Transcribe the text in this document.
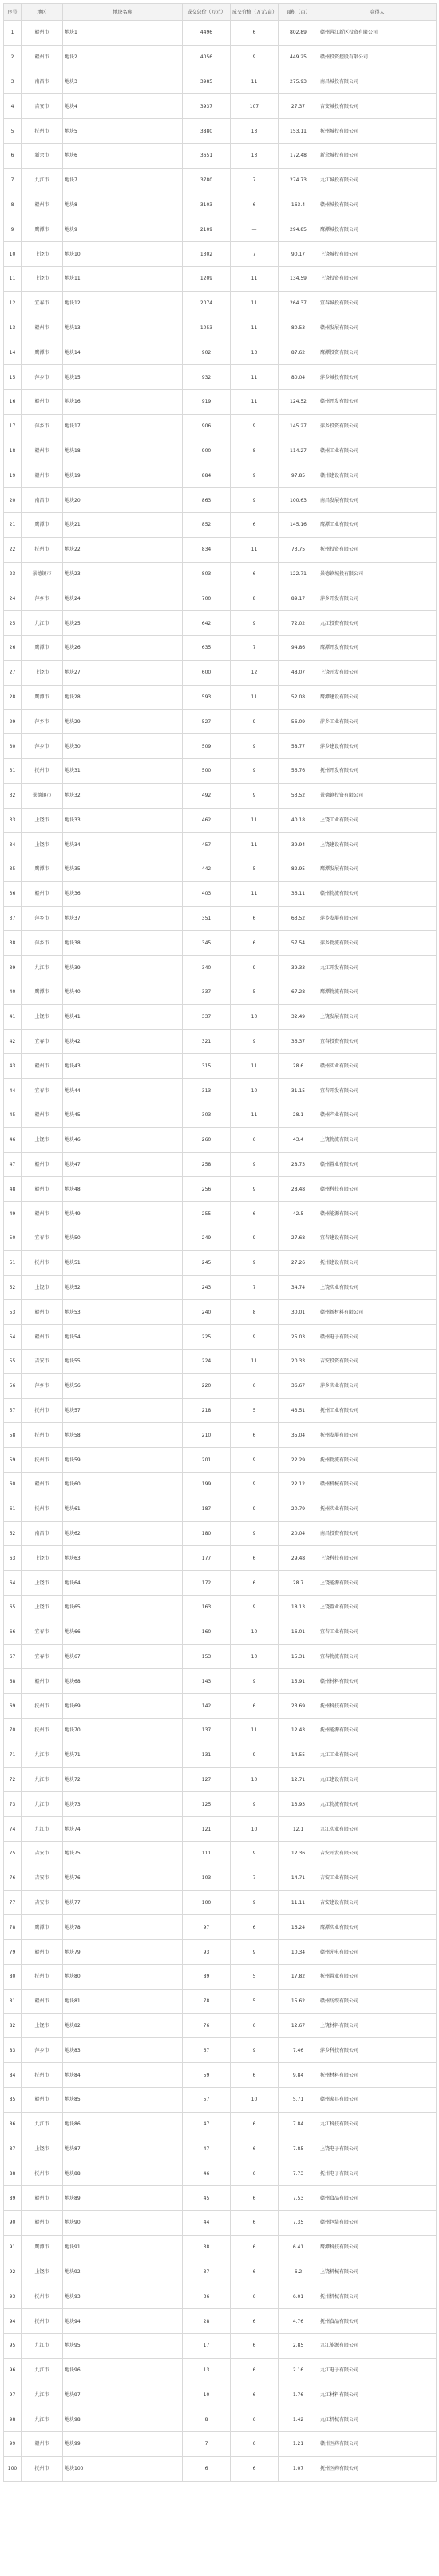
序号	地区	地块名称	成交总价（万元）	成交价格（万元/亩）	面积（亩）	竞得人
1	赣州市	地块1	4496	6	802.89	赣州蓉江新区投资有限公司
2	赣州市	地块2	4056	9	449.25	赣州投资控股有限公司
3	南昌市	地块3	3985	11	275.93	南昌城投有限公司
4	吉安市	地块4	3937	107	27.37	吉安城投有限公司
5	抚州市	地块5	3880	13	153.11	抚州城投有限公司
6	新余市	地块6	3651	13	172.48	新余城投有限公司
7	九江市	地块7	3780	7	274.73	九江城投有限公司
8	赣州市	地块8	3103	6	163.4	赣州城投有限公司
9	鹰潭市	地块9	2109	—	294.85	鹰潭城投有限公司
10	上饶市	地块10	1302	7	90.17	上饶城投有限公司
11	上饶市	地块11	1209	11	134.59	上饶投资有限公司
12	宜春市	地块12	2074	11	264.37	宜春城投有限公司
13	赣州市	地块13	1053	11	80.53	赣州发展有限公司
14	鹰潭市	地块14	902	13	87.62	鹰潭投资有限公司
15	萍乡市	地块15	932	11	80.04	萍乡城投有限公司
16	赣州市	地块16	919	11	124.52	赣州开发有限公司
17	萍乡市	地块17	906	9	145.27	萍乡投资有限公司
18	赣州市	地块18	900	8	114.27	赣州工业有限公司
19	赣州市	地块19	884	9	97.85	赣州建设有限公司
20	南昌市	地块20	863	9	100.63	南昌发展有限公司
21	鹰潭市	地块21	852	6	145.16	鹰潭工业有限公司
22	抚州市	地块22	834	11	73.75	抚州投资有限公司
23	景德镇市	地块23	803	6	122.71	景德镇城投有限公司
24	萍乡市	地块24	700	8	89.17	萍乡开发有限公司
25	九江市	地块25	642	9	72.02	九江投资有限公司
26	鹰潭市	地块26	635	7	94.86	鹰潭开发有限公司
27	上饶市	地块27	600	12	48.07	上饶开发有限公司
28	鹰潭市	地块28	593	11	52.08	鹰潭建设有限公司
29	萍乡市	地块29	527	9	56.09	萍乡工业有限公司
30	萍乡市	地块30	509	9	58.77	萍乡建设有限公司
31	抚州市	地块31	500	9	56.76	抚州开发有限公司
32	景德镇市	地块32	492	9	53.52	景德镇投资有限公司
33	上饶市	地块33	462	11	40.18	上饶工业有限公司
34	上饶市	地块34	457	11	39.94	上饶建设有限公司
35	鹰潭市	地块35	442	5	82.95	鹰潭发展有限公司
36	赣州市	地块36	403	11	36.11	赣州物流有限公司
37	萍乡市	地块37	351	6	63.52	萍乡发展有限公司
38	萍乡市	地块38	345	6	57.54	萍乡物流有限公司
39	九江市	地块39	340	9	39.33	九江开发有限公司
40	鹰潭市	地块40	337	5	67.28	鹰潭物流有限公司
41	上饶市	地块41	337	10	32.49	上饶发展有限公司
42	宜春市	地块42	321	9	36.37	宜春投资有限公司
43	赣州市	地块43	315	11	28.6	赣州实业有限公司
44	宜春市	地块44	313	10	31.15	宜春开发有限公司
45	赣州市	地块45	303	11	28.1	赣州产业有限公司
46	上饶市	地块46	260	6	43.4	上饶物流有限公司
47	赣州市	地块47	258	9	28.73	赣州置业有限公司
48	赣州市	地块48	256	9	28.48	赣州科技有限公司
49	赣州市	地块49	255	6	42.5	赣州能源有限公司
50	宜春市	地块50	249	9	27.68	宜春建设有限公司
51	抚州市	地块51	245	9	27.26	抚州建设有限公司
52	上饶市	地块52	243	7	34.74	上饶实业有限公司
53	赣州市	地块53	240	8	30.01	赣州新材料有限公司
54	赣州市	地块54	225	9	25.03	赣州电子有限公司
55	吉安市	地块55	224	11	20.33	吉安投资有限公司
56	萍乡市	地块56	220	6	36.67	萍乡实业有限公司
57	抚州市	地块57	218	5	43.51	抚州工业有限公司
58	抚州市	地块58	210	6	35.04	抚州发展有限公司
59	抚州市	地块59	201	9	22.29	抚州物流有限公司
60	赣州市	地块60	199	9	22.12	赣州机械有限公司
61	抚州市	地块61	187	9	20.79	抚州实业有限公司
62	南昌市	地块62	180	9	20.04	南昌投资有限公司
63	上饶市	地块63	177	6	29.48	上饶科技有限公司
64	上饶市	地块64	172	6	28.7	上饶能源有限公司
65	上饶市	地块65	163	9	18.13	上饶置业有限公司
66	宜春市	地块66	160	10	16.01	宜春工业有限公司
67	宜春市	地块67	153	10	15.31	宜春物流有限公司
68	赣州市	地块68	143	9	15.91	赣州材料有限公司
69	抚州市	地块69	142	6	23.69	抚州科技有限公司
70	抚州市	地块70	137	11	12.43	抚州能源有限公司
71	九江市	地块71	131	9	14.55	九江工业有限公司
72	九江市	地块72	127	10	12.71	九江建设有限公司
73	九江市	地块73	125	9	13.93	九江物流有限公司
74	九江市	地块74	121	10	12.1	九江实业有限公司
75	吉安市	地块75	111	9	12.36	吉安开发有限公司
76	吉安市	地块76	103	7	14.71	吉安工业有限公司
77	吉安市	地块77	100	9	11.11	吉安建设有限公司
78	鹰潭市	地块78	97	6	16.24	鹰潭实业有限公司
79	赣州市	地块79	93	9	10.34	赣州光电有限公司
80	抚州市	地块80	89	5	17.82	抚州置业有限公司
81	赣州市	地块81	78	5	15.62	赣州纺织有限公司
82	上饶市	地块82	76	6	12.67	上饶材料有限公司
83	萍乡市	地块83	67	9	7.46	萍乡科技有限公司
84	抚州市	地块84	59	6	9.84	抚州材料有限公司
85	赣州市	地块85	57	10	5.71	赣州家具有限公司
86	九江市	地块86	47	6	7.84	九江科技有限公司
87	上饶市	地块87	47	6	7.85	上饶电子有限公司
88	抚州市	地块88	46	6	7.73	抚州电子有限公司
89	赣州市	地块89	45	6	7.53	赣州食品有限公司
90	赣州市	地块90	44	6	7.35	赣州包装有限公司
91	鹰潭市	地块91	38	6	6.41	鹰潭科技有限公司
92	上饶市	地块92	37	6	6.2	上饶机械有限公司
93	抚州市	地块93	36	6	6.01	抚州机械有限公司
94	抚州市	地块94	28	6	4.76	抚州食品有限公司
95	九江市	地块95	17	6	2.85	九江能源有限公司
96	九江市	地块96	13	6	2.16	九江电子有限公司
97	九江市	地块97	10	6	1.76	九江材料有限公司
98	九江市	地块98	8	6	1.42	九江机械有限公司
99	赣州市	地块99	7	6	1.21	赣州医药有限公司
100	抚州市	地块100	6	6	1.07	抚州医药有限公司
